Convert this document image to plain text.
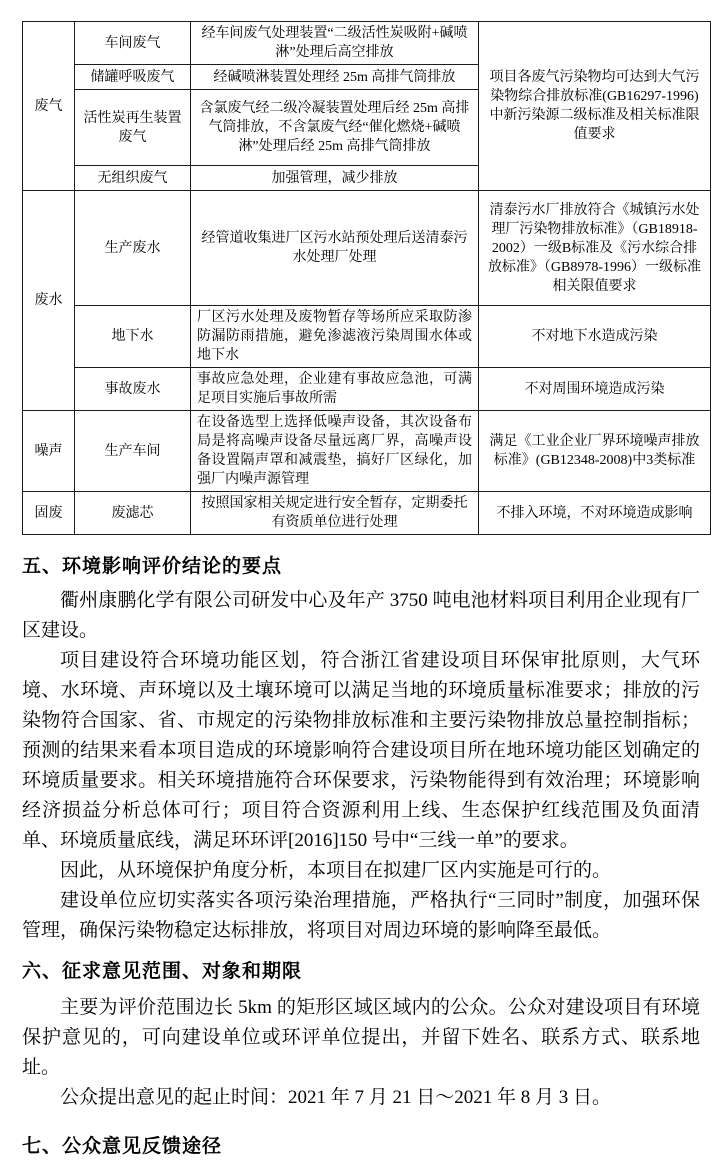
废气	车间废气	经车间废气处理装置“二级活性炭吸附+碱喷淋”处理后高空排放	项目各废气污染物均可达到大气污染物综合排放标准(GB16297-1996)中新污染源二级标准及相关标准限值要求
	储罐呼吸废气	经碱喷淋装置处理经 25m 高排气筒排放	
	活性炭再生装置废气	含氯废气经二级冷凝装置处理后经 25m 高排气筒排放，不含氯废气经“催化燃烧+碱喷淋”处理后经 25m 高排气筒排放	
	无组织废气	加强管理，减少排放	
废水	生产废水	经管道收集进厂区污水站预处理后送清泰污水处理厂处理	清泰污水厂排放符合《城镇污水处理厂污染物排放标准》（GB18918-2002）一级B标准及《污水综合排放标准》（GB8978-1996）一级标准相关限值要求
	地下水	厂区污水处理及废物暂存等场所应采取防渗防漏防雨措施，避免渗滤液污染周围水体或地下水	不对地下水造成污染
	事故废水	事故应急处理，企业建有事故应急池，可满足项目实施后事故所需	不对周围环境造成污染
噪声	生产车间	在设备选型上选择低噪声设备，其次设备布局是将高噪声设备尽量远离厂界，高噪声设备设置隔声罩和减震垫，搞好厂区绿化，加强厂内噪声源管理	满足《工业企业厂界环境噪声排放标准》(GB12348-2008)中3类标准
固废	废滤芯	按照国家相关规定进行安全暂存，定期委托有资质单位进行处理	不排入环境，不对环境造成影响
五、环境影响评价结论的要点

衢州康鹏化学有限公司研发中心及年产 3750 吨电池材料项目利用企业现有厂区建设。

项目建设符合环境功能区划，符合浙江省建设项目环保审批原则，大气环境、水环境、声环境以及土壤环境可以满足当地的环境质量标准要求；排放的污染物符合国家、省、市规定的污染物排放标准和主要污染物排放总量控制指标；预测的结果来看本项目造成的环境影响符合建设项目所在地环境功能区划确定的环境质量要求。相关环境措施符合环保要求，污染物能得到有效治理；环境影响经济损益分析总体可行；项目符合资源利用上线、生态保护红线范围及负面清单、环境质量底线，满足环环评[2016]150 号中“三线一单”的要求。

因此，从环境保护角度分析，本项目在拟建厂区内实施是可行的。

建设单位应切实落实各项污染治理措施，严格执行“三同时”制度，加强环保管理，确保污染物稳定达标排放，将项目对周边环境的影响降至最低。

六、征求意见范围、对象和期限

主要为评价范围边长 5km 的矩形区域区域内的公众。公众对建设项目有环境保护意见的，可向建设单位或环评单位提出，并留下姓名、联系方式、联系地址。

公众提出意见的起止时间：2021 年 7 月 21 日～2021 年 8 月 3 日。

七、公众意见反馈途径
